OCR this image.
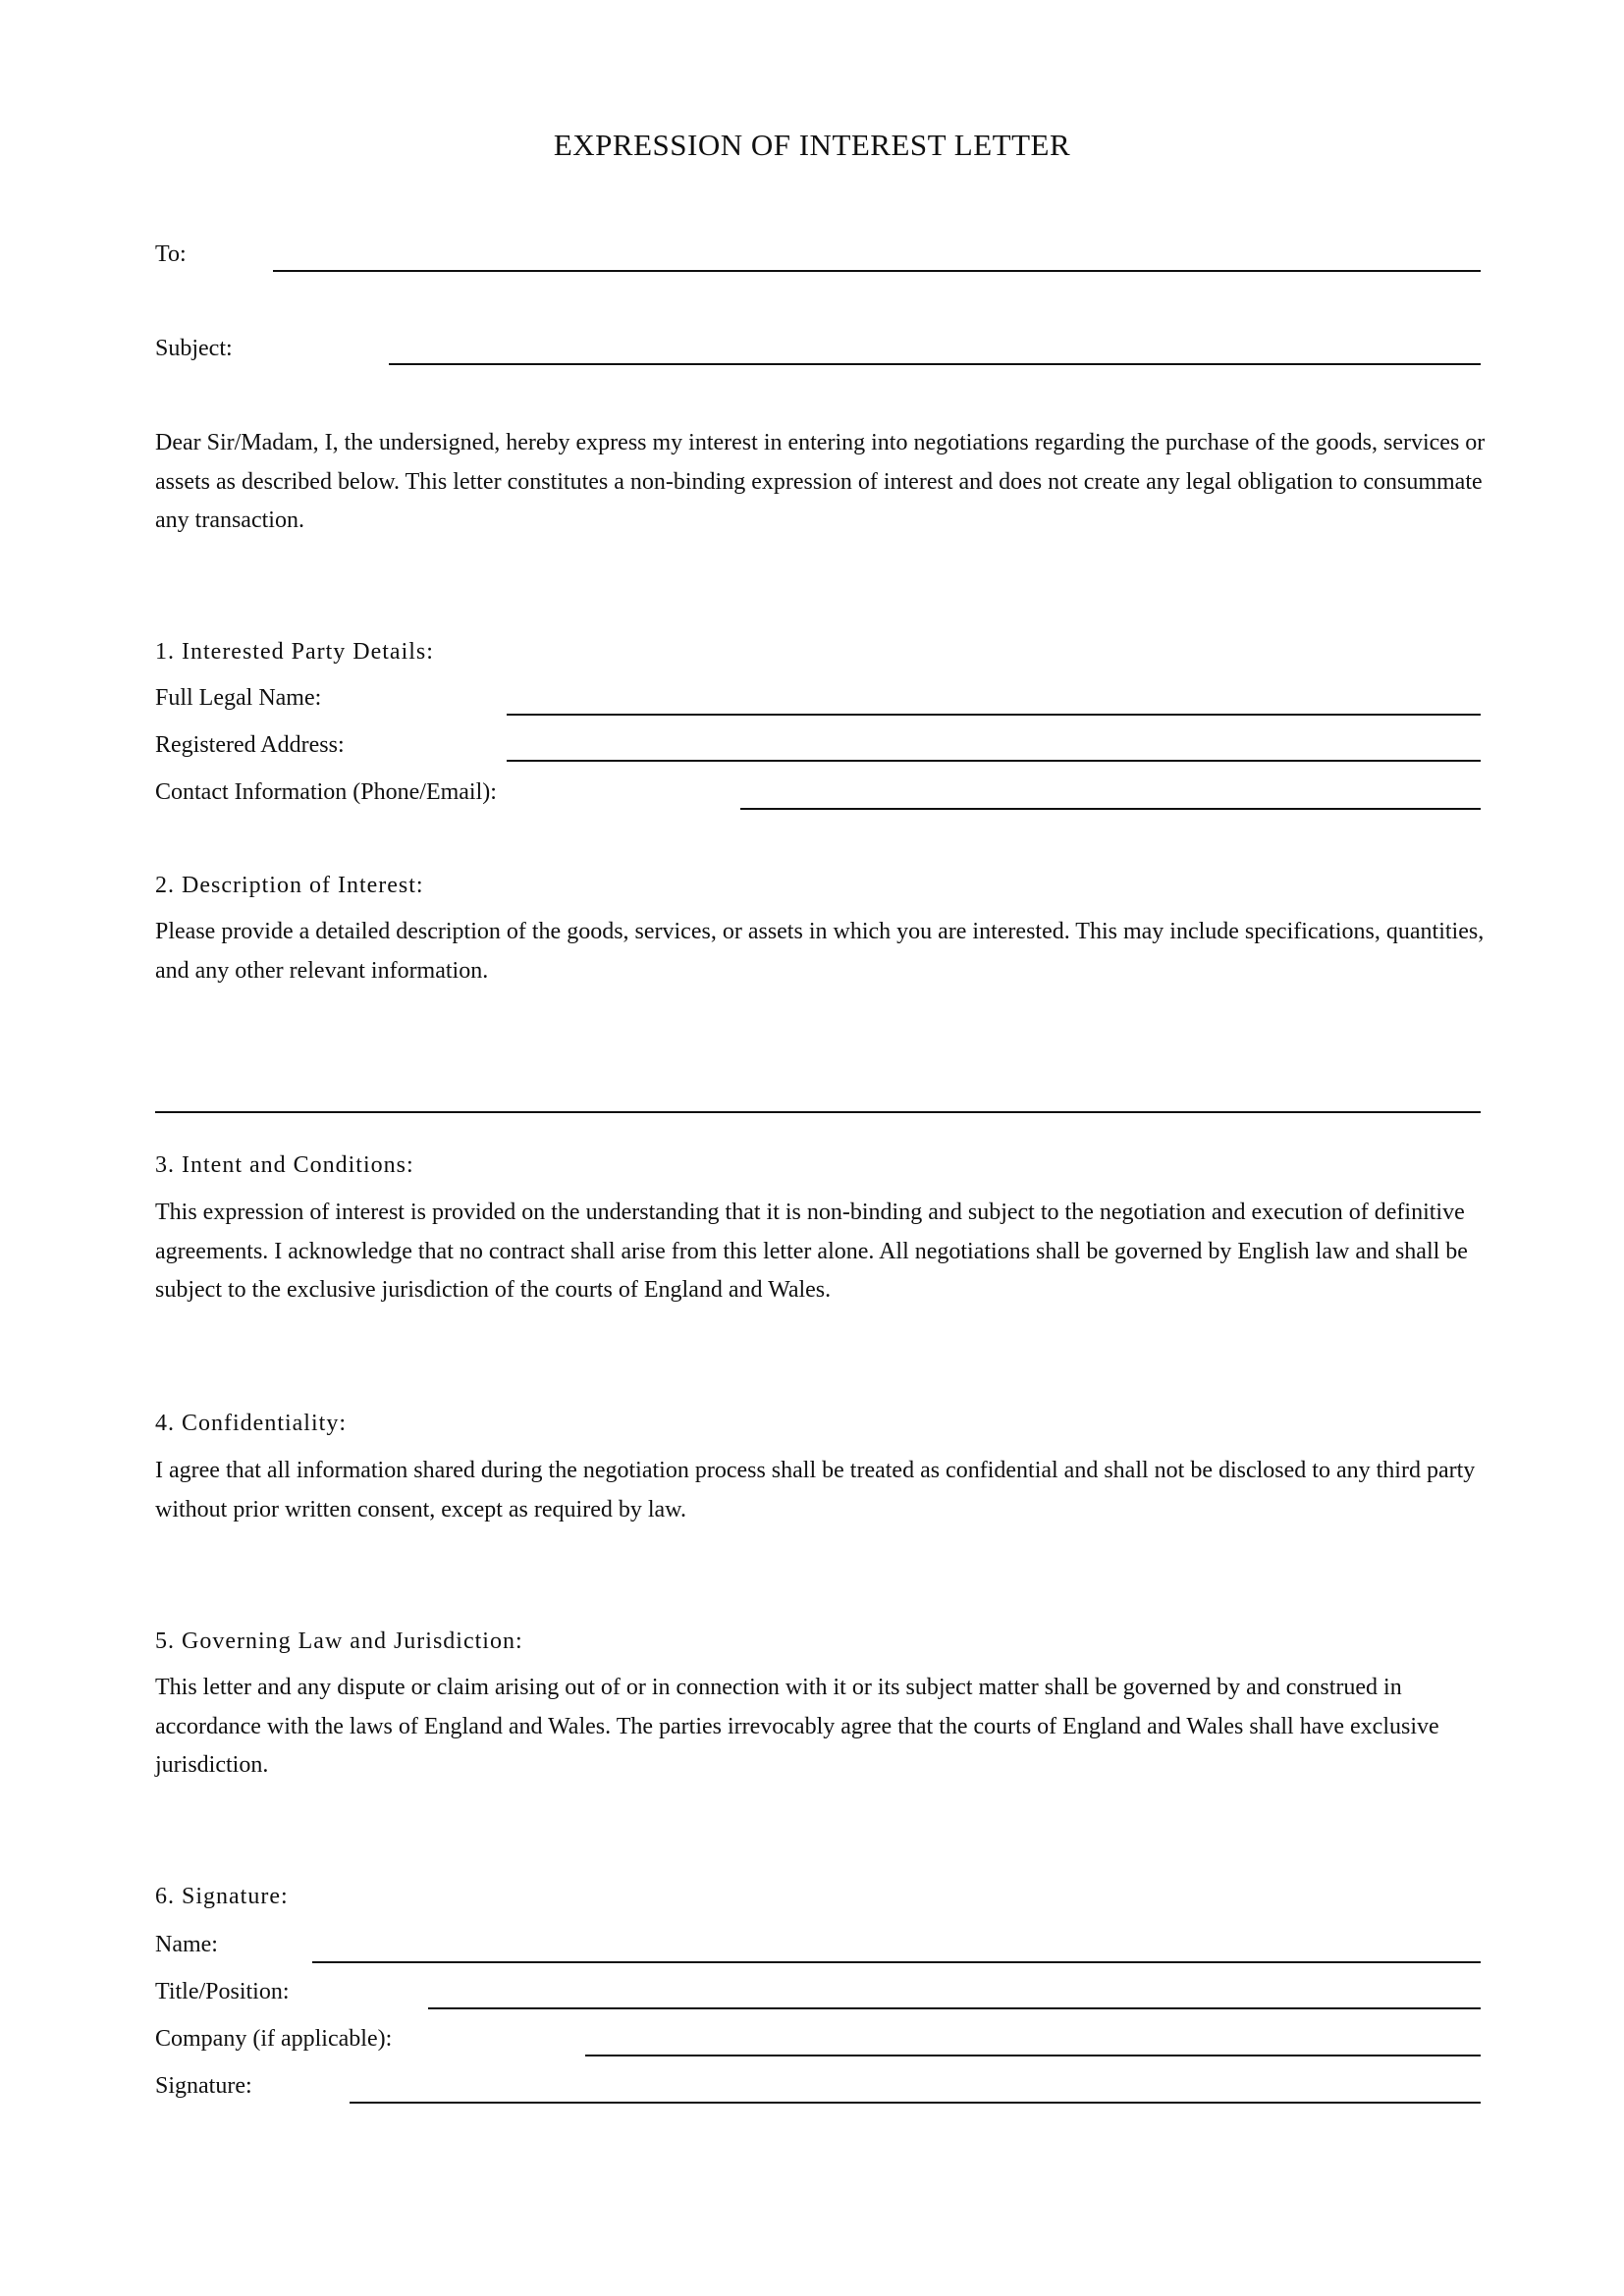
EXPRESSION OF INTEREST LETTER
To:
Subject:
Dear Sir/Madam, I, the undersigned, hereby express my interest in entering into negotiations regarding the purchase of the goods, services or assets as described below. This letter constitutes a non-binding expression of interest and does not create any legal obligation to consummate any transaction.
1. Interested Party Details:
Full Legal Name:
Registered Address:
Contact Information (Phone/Email):
2. Description of Interest:
Please provide a detailed description of the goods, services, or assets in which you are interested. This may include specifications, quantities, and any other relevant information.
3. Intent and Conditions:
This expression of interest is provided on the understanding that it is non-binding and subject to the negotiation and execution of definitive agreements. I acknowledge that no contract shall arise from this letter alone. All negotiations shall be governed by English law and shall be subject to the exclusive jurisdiction of the courts of England and Wales.
4. Confidentiality:
I agree that all information shared during the negotiation process shall be treated as confidential and shall not be disclosed to any third party without prior written consent, except as required by law.
5. Governing Law and Jurisdiction:
This letter and any dispute or claim arising out of or in connection with it or its subject matter shall be governed by and construed in accordance with the laws of England and Wales. The parties irrevocably agree that the courts of England and Wales shall have exclusive jurisdiction.
6. Signature:
Name:
Title/Position:
Company (if applicable):
Signature:
